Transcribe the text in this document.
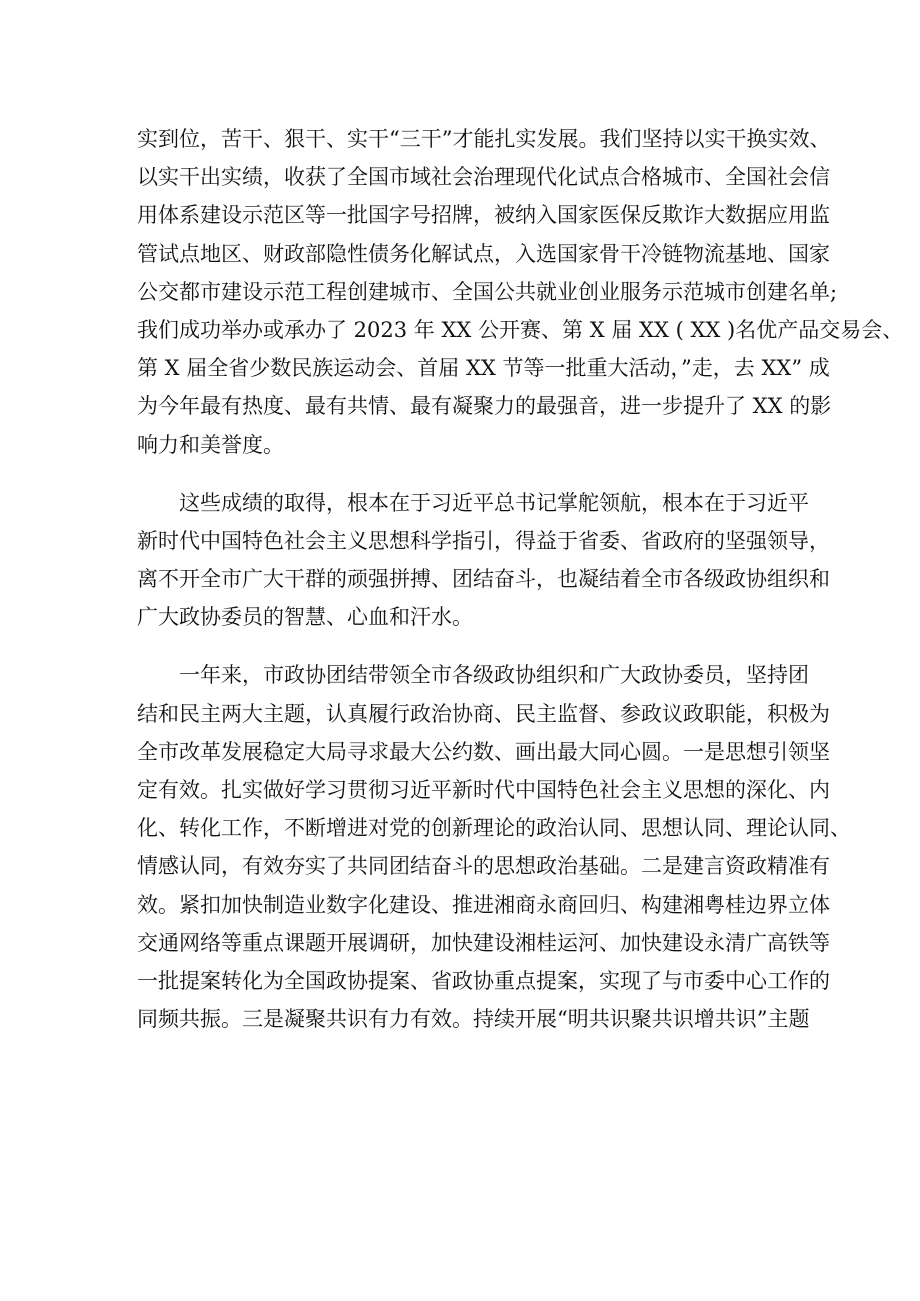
实到位，苦干、狠干、实干“三干”才能扎实发展。我们坚持以实干换实效、
以实干出实绩，收获了全国市域社会治理现代化试点合格城市、全国社会信
用体系建设示范区等一批国字号招牌，被纳入国家医保反欺诈大数据应用监
管试点地区、财政部隐性债务化解试点，入选国家骨干冷链物流基地、国家
公交都市建设示范工程创建城市、全国公共就业创业服务示范城市创建名单;
我们成功举办或承办了 2023 年 XX 公开赛、第 X 届 XX ( XX )名优产品交易会、
第 X 届全省少数民族运动会、首届 XX 节等一批重大活动，”走，去 XX” 成
为今年最有热度、最有共情、最有凝聚力的最强音，进一步提升了 XX 的影
响力和美誉度。
这些成绩的取得，根本在于习近平总书记掌舵领航，根本在于习近平
新时代中国特色社会主义思想科学指引，得益于省委、省政府的坚强领导，
离不开全市广大干群的顽强拼搏、团结奋斗，也凝结着全市各级政协组织和
广大政协委员的智慧、心血和汗水。
一年来，市政协团结带领全市各级政协组织和广大政协委员，坚持团
结和民主两大主题，认真履行政治协商、民主监督、参政议政职能，积极为
全市改革发展稳定大局寻求最大公约数、画出最大同心圆。一是思想引领坚
定有效。扎实做好学习贯彻习近平新时代中国特色社会主义思想的深化、内
化、转化工作，不断增进对党的创新理论的政治认同、思想认同、理论认同、
情感认同，有效夯实了共同团结奋斗的思想政治基础。二是建言资政精准有
效。紧扣加快制造业数字化建设、推进湘商永商回归、构建湘粤桂边界立体
交通网络等重点课题开展调研，加快建设湘桂运河、加快建设永清广高铁等
一批提案转化为全国政协提案、省政协重点提案，实现了与市委中心工作的
同频共振。三是凝聚共识有力有效。持续开展“明共识聚共识增共识”主题
